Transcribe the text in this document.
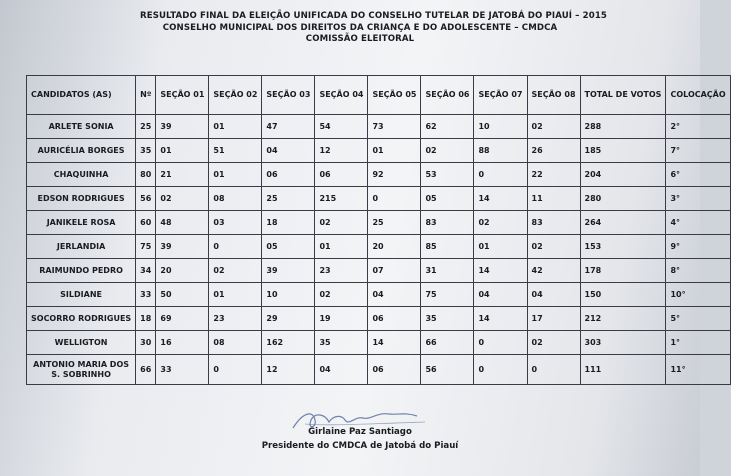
RESULTADO FINAL DA ELEIÇÃO UNIFICADA DO CONSELHO TUTELAR DE JATOBÁ DO PIAUÍ – 2015
CONSELHO MUNICIPAL DOS DIREITOS DA CRIANÇA E DO ADOLESCENTE – CMDCA
COMISSÃO ELEITORAL
CANDIDATOS (AS)	Nº	SEÇÃO 01	SEÇÃO 02	SEÇÃO 03	SEÇÃO 04	SEÇÃO 05	SEÇÃO 06	SEÇÃO 07	SEÇÃO 08	TOTAL DE VOTOS	COLOCAÇÃO
ARLETE SONIA	25	39	01	47	54	73	62	10	02	288	2°
AURICÉLIA BORGES	35	01	51	04	12	01	02	88	26	185	7°
CHAQUINHA	80	21	01	06	06	92	53	0	22	204	6°
EDSON RODRIGUES	56	02	08	25	215	0	05	14	11	280	3°
JANIKELE ROSA	60	48	03	18	02	25	83	02	83	264	4°
JERLANDIA	75	39	0	05	01	20	85	01	02	153	9°
RAIMUNDO PEDRO	34	20	02	39	23	07	31	14	42	178	8°
SILDIANE	33	50	01	10	02	04	75	04	04	150	10°
SOCORRO RODRIGUES	18	69	23	29	19	06	35	14	17	212	5°
WELLIGTON	30	16	08	162	35	14	66	0	02	303	1°
ANTONIO MARIA DOS S. SOBRINHO	66	33	0	12	04	06	56	0	0	111	11°
Girlaine Paz Santiago
Presidente do CMDCA de Jatobá do Piauí
